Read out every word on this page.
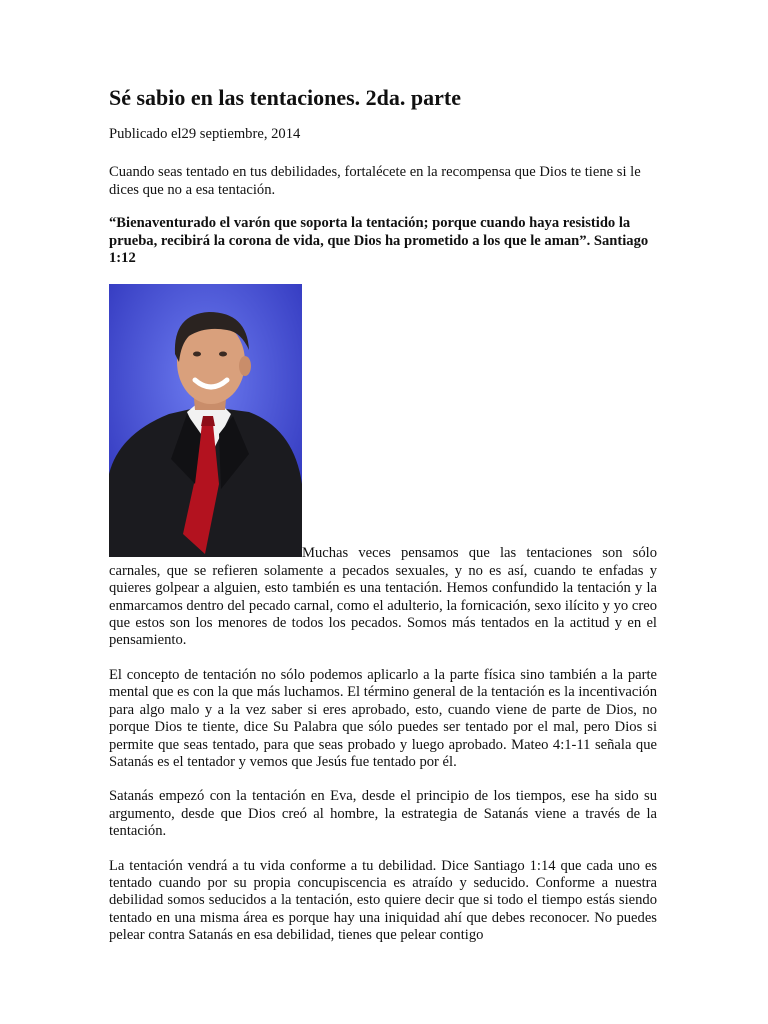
Sé sabio en las tentaciones. 2da. parte

Publicado el29 septiembre, 2014

Cuando seas tentado en tus debilidades, fortalécete en la recompensa que Dios te tiene si le dices que no a esa tentación.

“Bienaventurado el varón que soporta la tentación; porque cuando haya resistido la prueba, recibirá la corona de vida, que Dios ha prometido a los que le aman”. Santiago 1:12

Muchas veces pensamos que las tentaciones son sólo carnales, que se refieren solamente a pecados sexuales, y no es así, cuando te enfadas y quieres golpear a alguien, esto también es una tentación. Hemos confundido la tentación y la enmarcamos dentro del pecado carnal, como el adulterio, la fornicación, sexo ilícito y yo creo que estos son los menores de todos los pecados. Somos más tentados en la actitud y en el pensamiento.

El concepto de tentación no sólo podemos aplicarlo a la parte física sino también a la parte mental que es con la que más luchamos. El término general de la tentación es la incentivación para algo malo y a la vez saber si eres aprobado, esto, cuando viene de parte de Dios, no porque Dios te tiente, dice Su Palabra que sólo puedes ser tentado por el mal, pero Dios si permite que seas tentado, para que seas probado y luego aprobado. Mateo 4:1-11 señala que Satanás es el tentador y vemos que Jesús fue tentado por él.

Satanás empezó con la tentación en Eva, desde el principio de los tiempos, ese ha sido su argumento, desde que Dios creó al hombre, la estrategia de Satanás viene a través de la tentación.

La tentación vendrá a tu vida conforme a tu debilidad. Dice Santiago 1:14 que cada uno es tentado cuando por su propia concupiscencia es atraído y seducido. Conforme a nuestra debilidad somos seducidos a la tentación, esto quiere decir que si todo el tiempo estás siendo tentado en una misma área es porque hay una iniquidad ahí que debes reconocer. No puedes pelear contra Satanás en esa debilidad, tienes que pelear contigo
